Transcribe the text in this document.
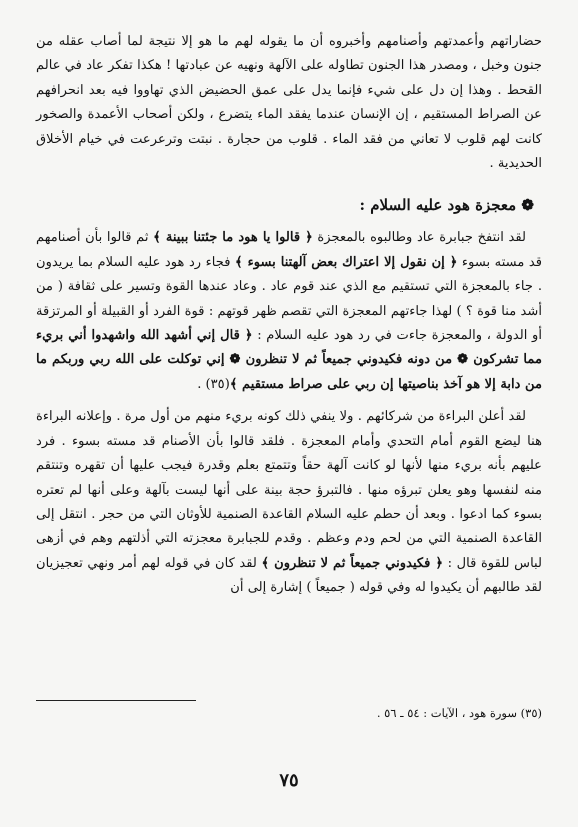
حضاراتهم وأعمدتهم وأصنامهم وأخبروه أن ما يقوله لهم ما هو إلا نتيجة لما أصاب عقله من جنون وخبل ، ومصدر هذا الجنون تطاوله على الآلهة ونهيه عن عبادتها ! هكذا تفكر عاد في عالم القحط . وهذا إن دل على شيء فإنما يدل على عمق الحضيض الذي تهاووا فيه بعد انحرافهم عن الصراط المستقيم ، إن الإنسان عندما يفقد الماء يتضرع ، ولكن أصحاب الأعمدة والصخور كانت لهم قلوب لا تعاني من فقد الماء . قلوب من حجارة . نبتت وترعرعت في خيام الأخلاق الحديدية .

❁ معجزة هود عليه السلام :

لقد انتفخ جبابرة عاد وطالبوه بالمعجزة ﴿ قالوا يا هود ما جئتنا ببينة ﴾ ثم قالوا بأن أصنامهم قد مسته بسوء ﴿ إن نقول إلا اعتراك بعض آلهتنا بسوء ﴾ فجاء رد هود عليه السلام بما يريدون . جاء بالمعجزة التي تستقيم مع الذي عند قوم عاد . وعاد عندها القوة وتسير على ثقافة ( من أشد منا قوة ؟ ) لهذا جاءتهم المعجزة التي تقصم ظهر قوتهم : قوة الفرد أو القبيلة أو المرتزقة أو الدولة ، والمعجزة جاءت في رد هود عليه السلام : ﴿ قال إني أشهد الله واشهدوا أني بريء مما تشركون ❁ من دونه فكيدوني جميعاً ثم لا تنظرون ❁ إني توكلت على الله ربي وربكم ما من دابة إلا هو آخذ بناصيتها إن ربي على صراط مستقيم ﴾(٣٥) .

لقد أعلن البراءة من شركائهم . ولا ينفي ذلك كونه بريء منهم من أول مرة . وإعلانه البراءة هنا ليضع القوم أمام التحدي وأمام المعجزة . فلقد قالوا بأن الأصنام قد مسته بسوء . فرد عليهم بأنه بريء منها لأنها لو كانت آلهة حقاً وتتمتع بعلم وقدرة فيجب عليها أن تقهره وتنتقم منه لنفسها وهو يعلن تبرؤه منها . فالتبرؤ حجة بينة على أنها ليست بآلهة وعلى أنها لم تعتره بسوء كما ادعوا . وبعد أن حطم عليه السلام القاعدة الصنمية للأوثان التي من حجر . انتقل إلى القاعدة الصنمية التي من لحم ودم وعظم . وقدم للجبابرة معجزته التي أذلتهم وهم في أزهى لباس للقوة قال : ﴿ فكيدوني جميعاً ثم لا تنظرون ﴾ لقد كان في قوله لهم أمر ونهي تعجيزيان لقد طالبهم أن يكيدوا له وفي قوله ( جميعاً ) إشارة إلى أن

(٣٥) سورة هود ، الآيات : ٥٤ ـ ٥٦ .
٧٥
